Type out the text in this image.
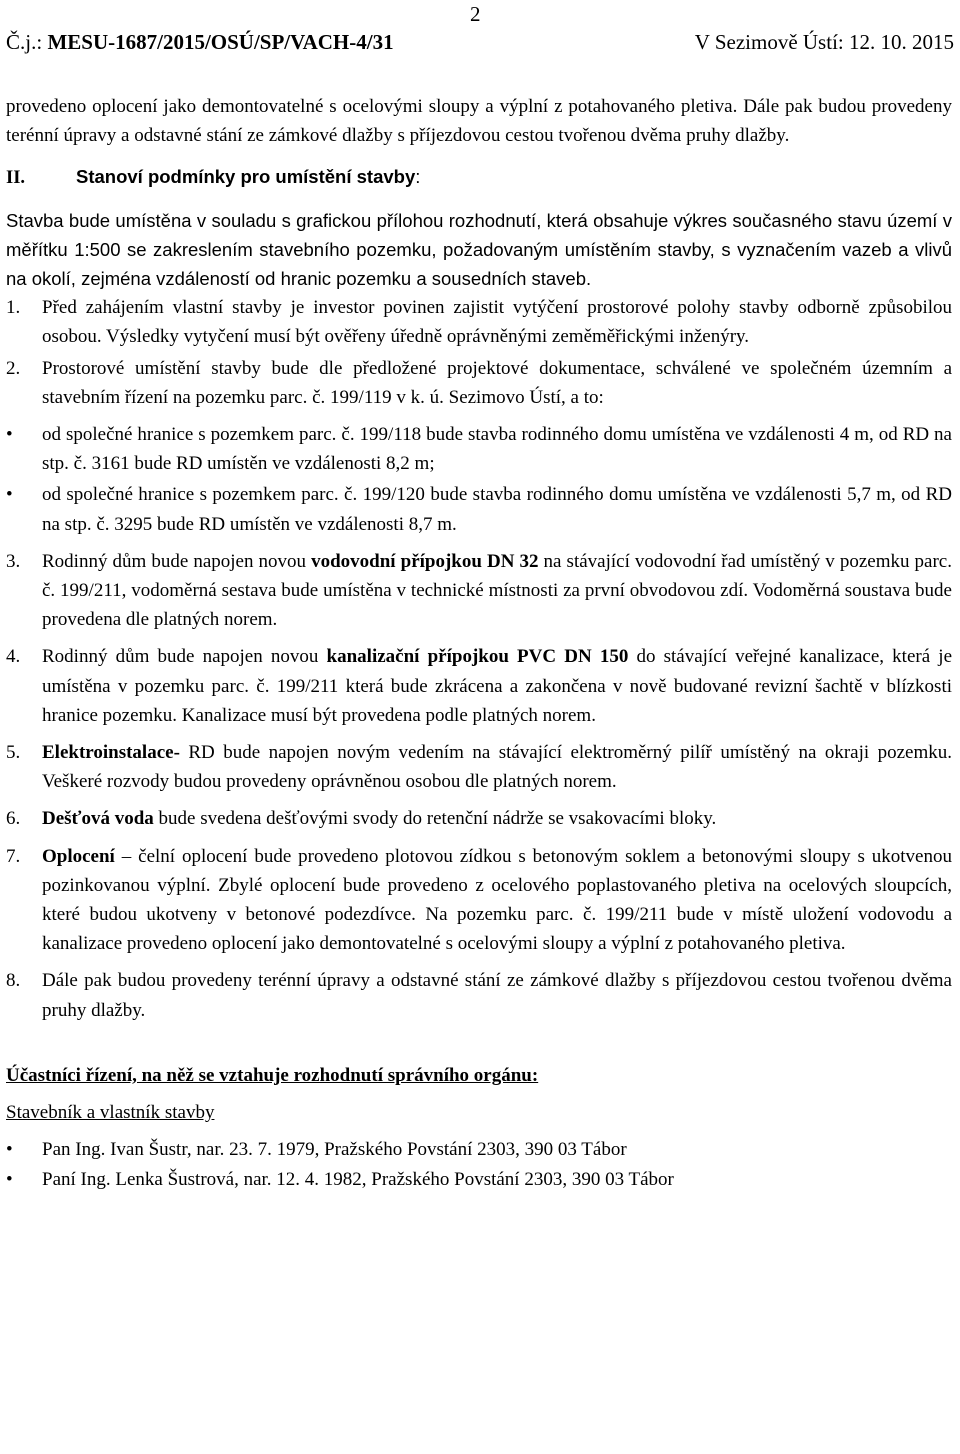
2
Č.j.: MESU-1687/2015/OSÚ/SP/VACH-4/31	V Sezimově Ústí: 12. 10. 2015

provedeno oplocení jako demontovatelné s ocelovými sloupy a výplní z potahovaného pletiva. Dále pak budou provedeny terénní úpravy a odstavné stání ze zámkové dlažby s příjezdovou cestou tvořenou dvěma pruhy dlažby.

II.	Stanoví podmínky pro umístění stavby:

Stavba bude umístěna v souladu s grafickou přílohou rozhodnutí, která obsahuje výkres současného stavu území v měřítku 1:500 se zakreslením stavebního pozemku, požadovaným umístěním stavby, s vyznačením vazeb a vlivů na okolí, zejména vzdáleností od hranic pozemku a sousedních staveb.

1.	Před zahájením vlastní stavby je investor povinen zajistit vytýčení prostorové polohy stavby odborně způsobilou osobou. Výsledky vytyčení musí být ověřeny úředně oprávněnými zeměměřickými inženýry.
2.	Prostorové umístění stavby bude dle předložené projektové dokumentace, schválené ve společném územním a stavebním řízení na pozemku parc. č. 199/119 v k. ú. Sezimovo Ústí, a to:
•	od společné hranice s pozemkem parc. č. 199/118 bude stavba rodinného domu umístěna ve vzdálenosti 4 m, od RD na stp. č. 3161 bude RD umístěn ve vzdálenosti 8,2 m;
•	od společné hranice s pozemkem parc. č. 199/120 bude stavba rodinného domu umístěna ve vzdálenosti 5,7 m, od RD na stp. č. 3295 bude RD umístěn ve vzdálenosti 8,7 m.
3.	Rodinný dům bude napojen novou vodovodní přípojkou DN 32 na stávající vodovodní řad umístěný v pozemku parc. č. 199/211, vodoměrná sestava bude umístěna v technické místnosti za první obvodovou zdí. Vodoměrná soustava bude provedena dle platných norem.
4.	Rodinný dům bude napojen novou kanalizační přípojkou PVC DN 150 do stávající veřejné kanalizace, která je umístěna v pozemku parc. č. 199/211 která bude zkrácena a zakončena v nově budované revizní šachtě v blízkosti hranice pozemku. Kanalizace musí být provedena podle platných norem.
5.	Elektroinstalace- RD bude napojen novým vedením na stávající elektroměrný pilíř umístěný na okraji pozemku. Veškeré rozvody budou provedeny oprávněnou osobou dle platných norem.
6.	Dešťová voda bude svedena dešťovými svody do retenční nádrže se vsakovacími bloky.
7.	Oplocení – čelní oplocení bude provedeno plotovou zídkou s betonovým soklem a betonovými sloupy s ukotvenou pozinkovanou výplní. Zbylé oplocení bude provedeno z ocelového poplastovaného pletiva na ocelových sloupcích, které budou ukotveny v betonové podezdívce. Na pozemku parc. č. 199/211 bude v místě uložení vodovodu a kanalizace provedeno oplocení jako demontovatelné s ocelovými sloupy a výplní z potahovaného pletiva.
8.	Dále pak budou provedeny terénní úpravy a odstavné stání ze zámkové dlažby s příjezdovou cestou tvořenou dvěma pruhy dlažby.

Účastníci řízení, na něž se vztahuje rozhodnutí správního orgánu:

Stavebník a vlastník stavby

•	Pan Ing. Ivan Šustr, nar. 23. 7. 1979, Pražského Povstání 2303, 390 03 Tábor
•	Paní Ing. Lenka Šustrová, nar. 12. 4. 1982, Pražského Povstání 2303, 390 03 Tábor
